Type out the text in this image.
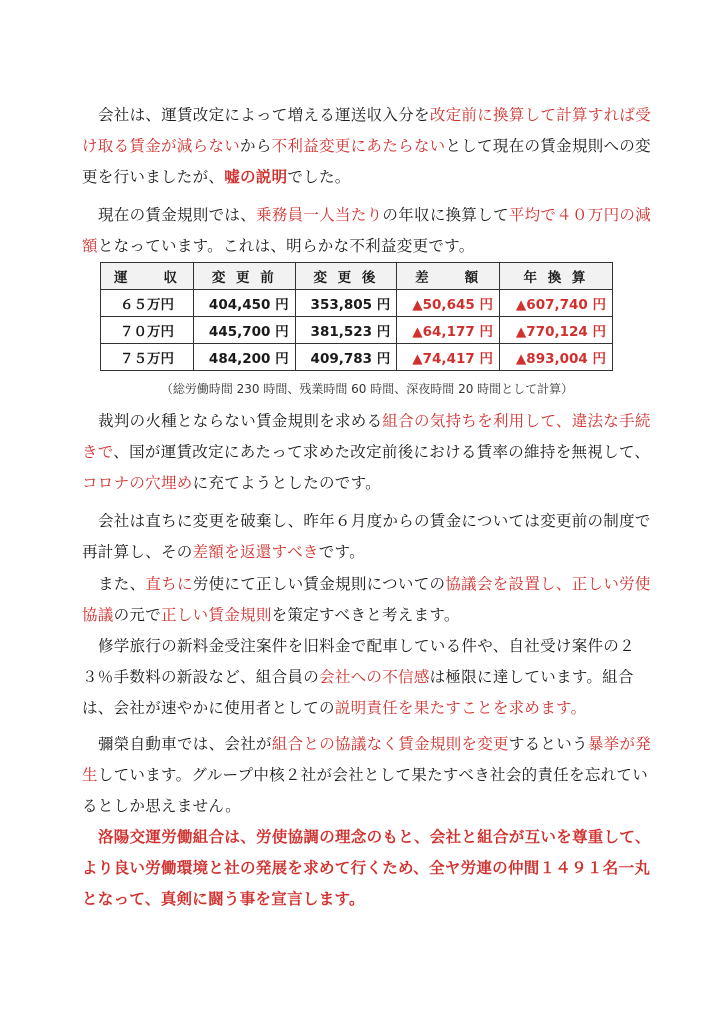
会社は、運賃改定によって増える運送収入分を改定前に換算して計算すれば受け取る賃金が減らないから不利益変更にあたらないとして現在の賃金規則への変更を行いましたが、嘘の説明でした。
現在の賃金規則では、乗務員一人当たりの年収に換算して平均で４０万円の減額となっています。これは、明らかな不利益変更です。
運　　収	変 更 前	変 更 後	差　　額	年 換 算
６５万円	404,450 円	353,805 円	▲50,645 円	▲607,740 円
７０万円	445,700 円	381,523 円	▲64,177 円	▲770,124 円
７５万円	484,200 円	409,783 円	▲74,417 円	▲893,004 円
（総労働時間 230 時間、残業時間 60 時間、深夜時間 20 時間として計算）
裁判の火種とならない賃金規則を求める組合の気持ちを利用して、違法な手続きで、国が運賃改定にあたって求めた改定前後における賃率の維持を無視して、コロナの穴埋めに充てようとしたのです。
会社は直ちに変更を破棄し、昨年６月度からの賃金については変更前の制度で再計算し、その差額を返還すべきです。
また、直ちに労使にて正しい賃金規則についての協議会を設置し、正しい労使協議の元で正しい賃金規則を策定すべきと考えます。
修学旅行の新料金受注案件を旧料金で配車している件や、自社受け案件の２３％手数料の新設など、組合員の会社への不信感は極限に達しています。組合は、会社が速やかに使用者としての説明責任を果たすことを求めます。
彌榮自動車では、会社が組合との協議なく賃金規則を変更するという暴挙が発生しています。グループ中核２社が会社として果たすべき社会的責任を忘れているとしか思えません。
洛陽交運労働組合は、労使協調の理念のもと、会社と組合が互いを尊重して、より良い労働環境と社の発展を求めて行くため、全ヤ労連の仲間１４９１名一丸となって、真剣に闘う事を宣言します。
